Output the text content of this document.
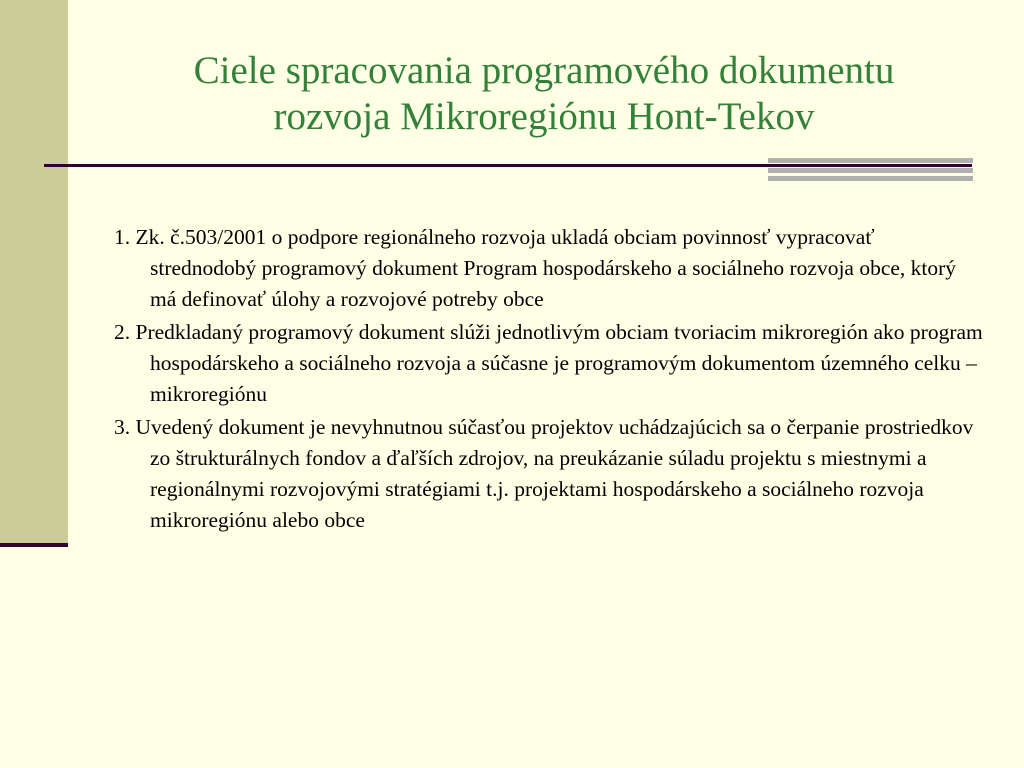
Ciele spracovania programového dokumentu
rozvoja Mikroregiónu Hont-Tekov

1. Zk. č.503/2001 o podpore regionálneho rozvoja ukladá obciam povinnosť vypracovať strednodobý programový dokument Program hospodárskeho a sociálneho rozvoja obce, ktorý má definovať úlohy a rozvojové potreby obce

2. Predkladaný programový dokument slúži jednotlivým obciam tvoriacim mikroregión ako program hospodárskeho a sociálneho rozvoja a súčasne je programovým dokumentom územného celku – mikroregiónu

3. Uvedený dokument je nevyhnutnou súčasťou projektov uchádzajúcich sa o čerpanie prostriedkov zo štrukturálnych fondov a ďaľších zdrojov, na preukázanie súladu projektu s miestnymi a regionálnymi rozvojovými stratégiami t.j. projektami hospodárskeho a sociálneho rozvoja mikroregiónu alebo obce
